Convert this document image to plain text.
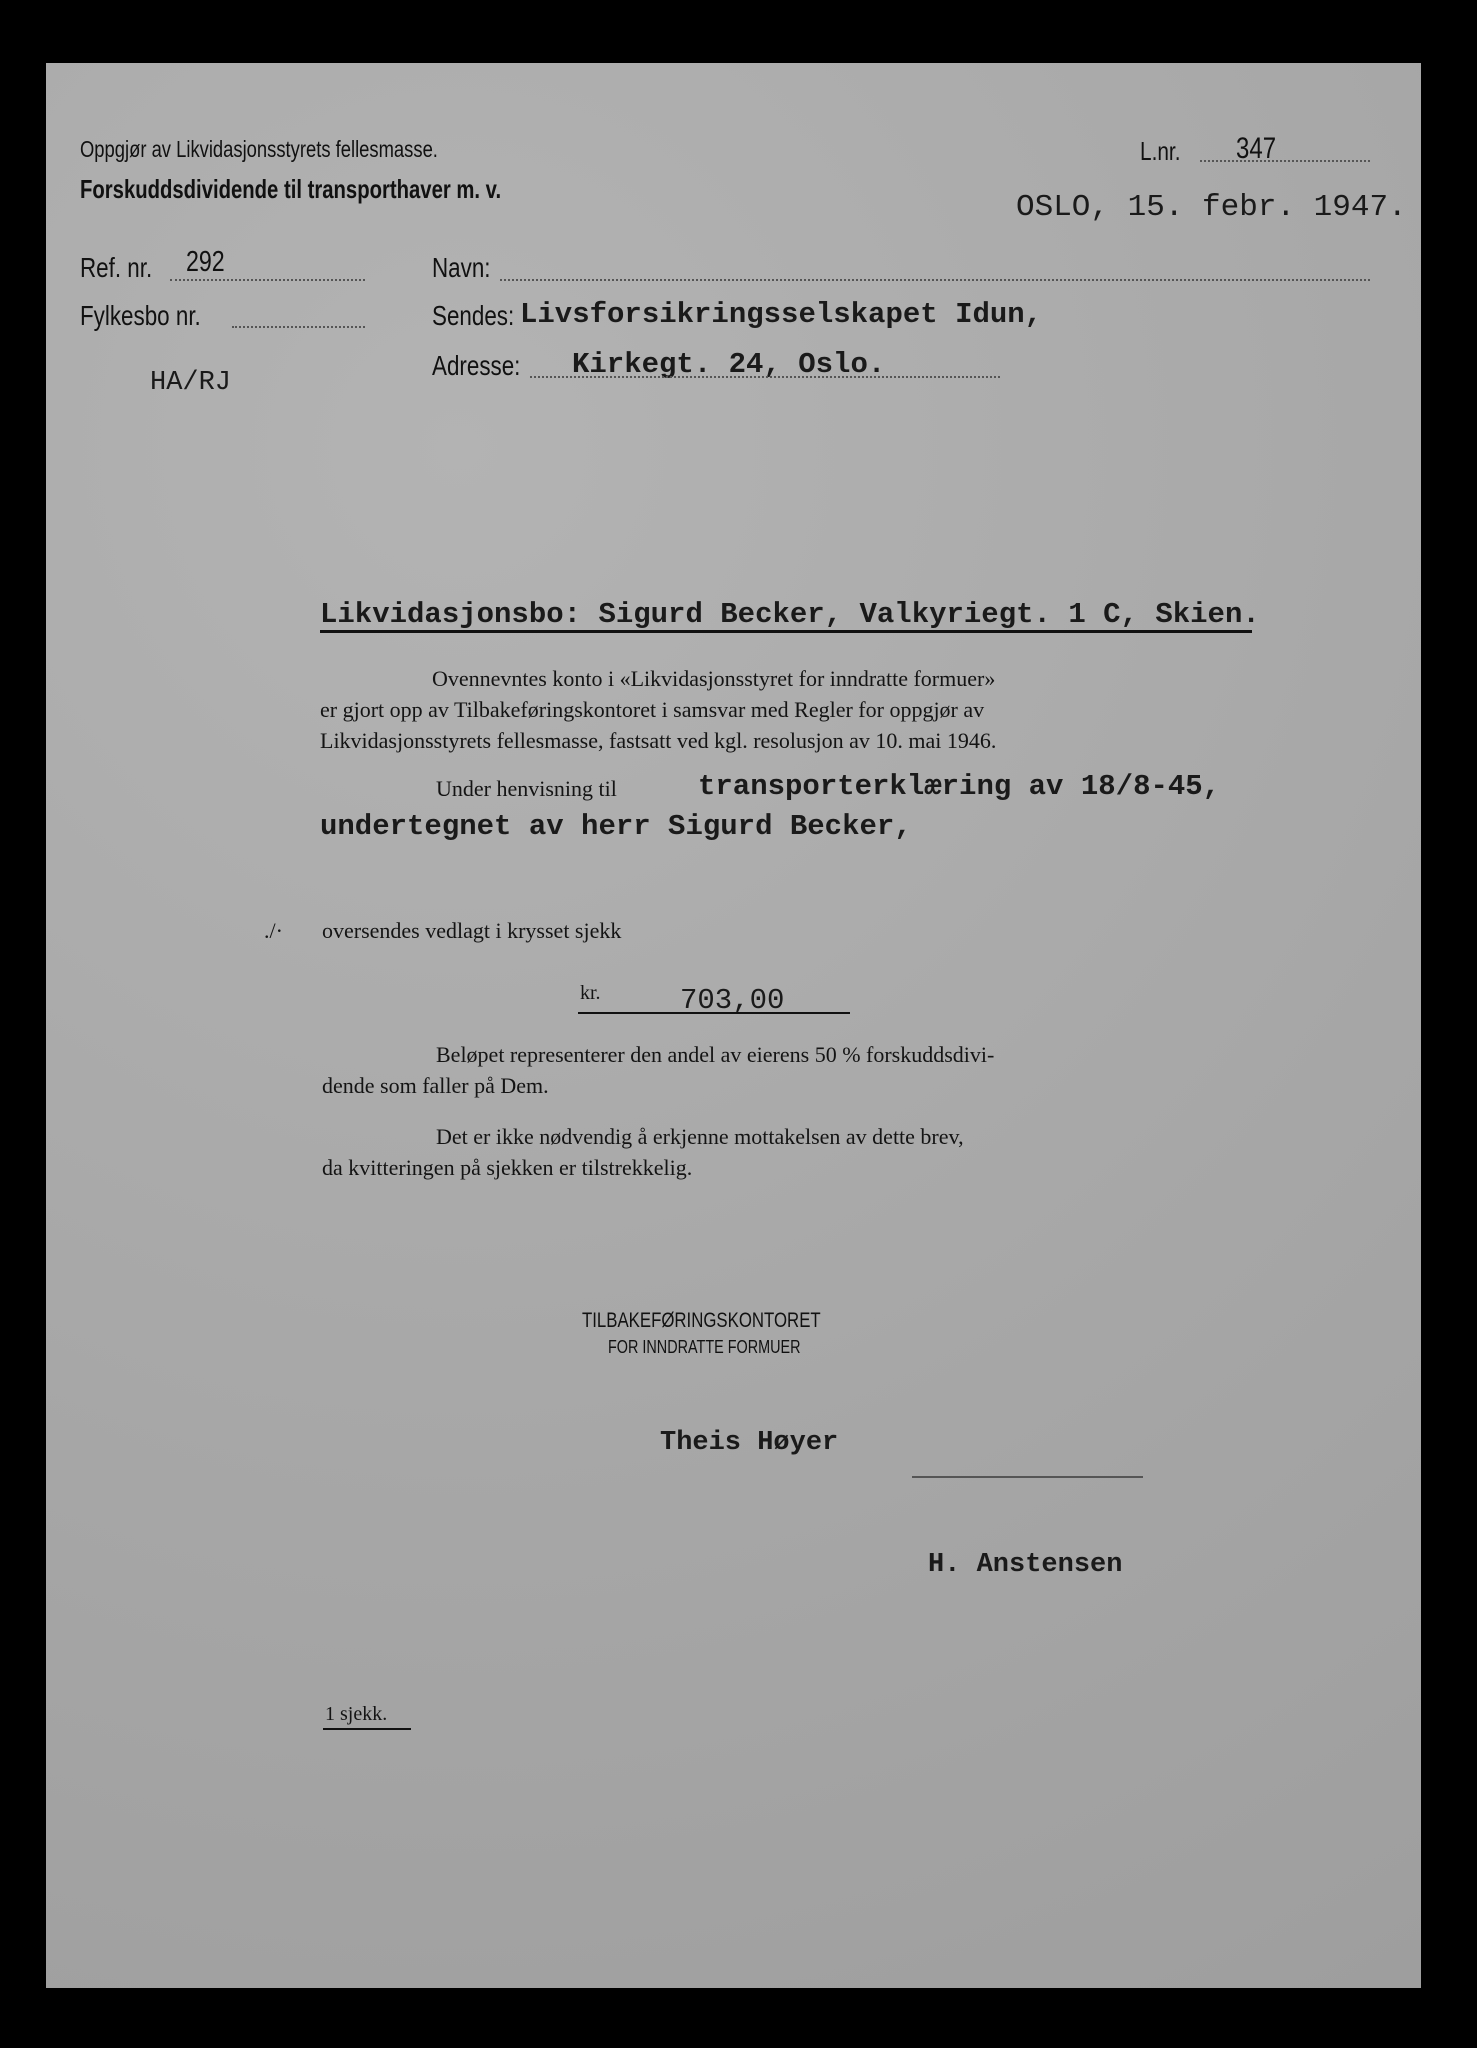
Oppgjør av Likvidasjonsstyrets fellesmasse.
Forskuddsdividende til transporthaver m. v.
L.nr. 347
OSLO, 15. febr. 1947.
Ref. nr. 292
Fylkesbo nr.
HA/RJ
Navn:
Sendes: Livsforsikringsselskapet Idun,
Adresse: Kirkegt. 24, Oslo.
Likvidasjonsbo: Sigurd Becker, Valkyriegt. 1 C, Skien.
Ovennevntes konto i «Likvidasjonsstyret for inndratte formuer»
er gjort opp av Tilbakeføringskontoret i samsvar med Regler for oppgjør av
Likvidasjonsstyrets fellesmasse, fastsatt ved kgl. resolusjon av 10. mai 1946.
Under henvisning til	transporterklæring av 18/8-45,
undertegnet av herr Sigurd Becker,
./· oversendes vedlagt i krysset sjekk
kr.	703,00
Beløpet representerer den andel av eierens 50 % forskuddsdivi-
dende som faller på Dem.
Det er ikke nødvendig å erkjenne mottakelsen av dette brev,
da kvitteringen på sjekken er tilstrekkelig.
TILBAKEFØRINGSKONTORET
FOR INNDRATTE FORMUER
Theis Høyer
H. Anstensen
1 sjekk.
